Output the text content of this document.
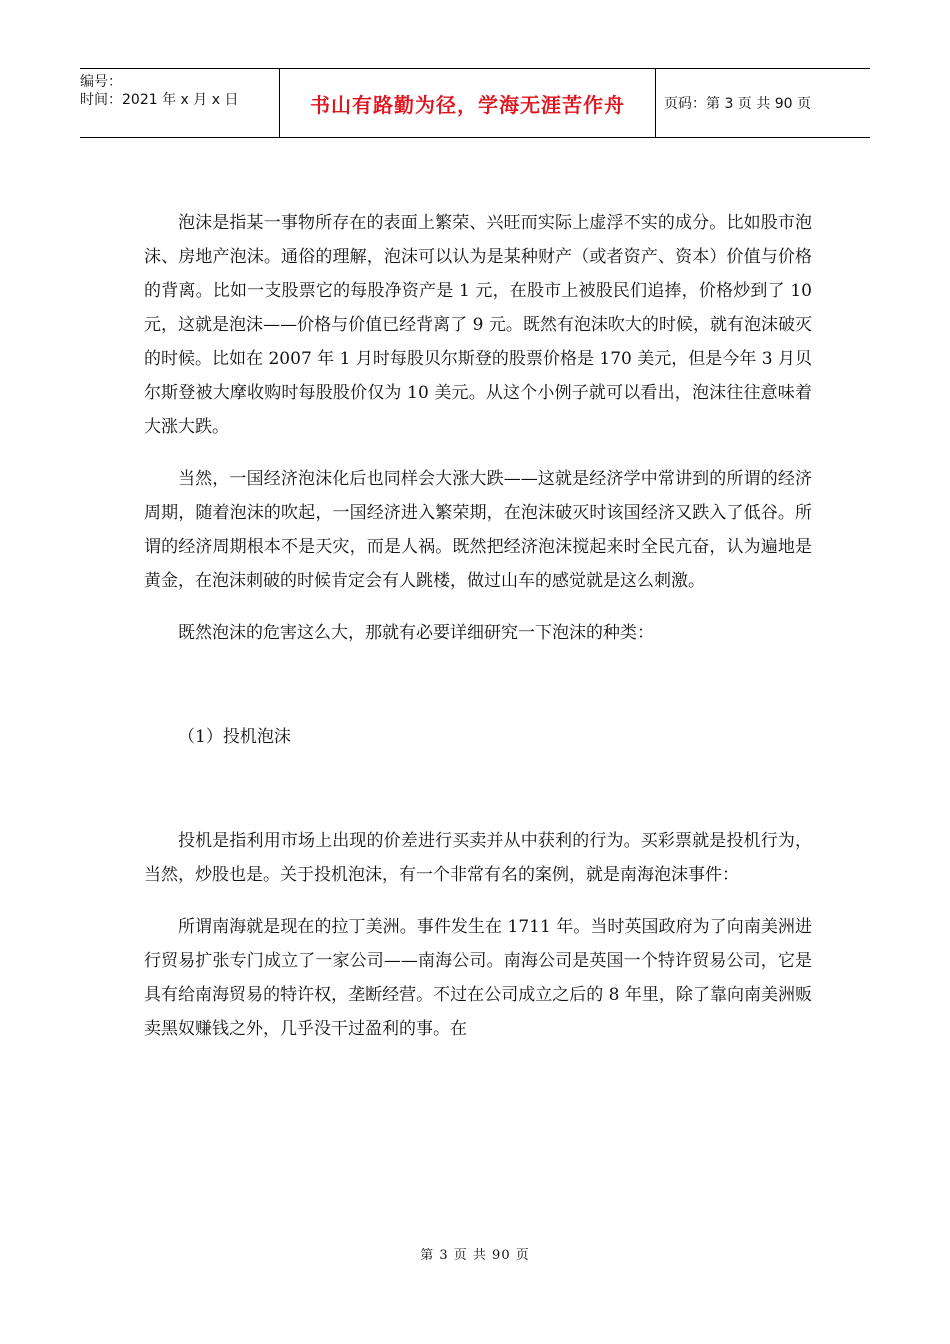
编号：
时间：2021 年 x 月 x 日	书山有路勤为径，学海无涯苦作舟	页码：第 3 页 共 90 页

泡沫是指某一事物所存在的表面上繁荣、兴旺而实际上虚浮不实的成分。比如股市泡沫、房地产泡沫。通俗的理解，泡沫可以认为是某种财产（或者资产、资本）价值与价格的背离。比如一支股票它的每股净资产是 1 元，在股市上被股民们追捧，价格炒到了 10 元，这就是泡沫——价格与价值已经背离了 9 元。既然有泡沫吹大的时候，就有泡沫破灭的时候。比如在 2007 年 1 月时每股贝尔斯登的股票价格是 170 美元，但是今年 3 月贝尔斯登被大摩收购时每股股价仅为 10 美元。从这个小例子就可以看出，泡沫往往意味着大涨大跌。

当然，一国经济泡沫化后也同样会大涨大跌——这就是经济学中常讲到的所谓的经济周期，随着泡沫的吹起，一国经济进入繁荣期，在泡沫破灭时该国经济又跌入了低谷。所谓的经济周期根本不是天灾，而是人祸。既然把经济泡沫搅起来时全民亢奋，认为遍地是黄金，在泡沫刺破的时候肯定会有人跳楼，做过山车的感觉就是这么刺激。

既然泡沫的危害这么大，那就有必要详细研究一下泡沫的种类：

（1）投机泡沫

投机是指利用市场上出现的价差进行买卖并从中获利的行为。买彩票就是投机行为，当然，炒股也是。关于投机泡沫，有一个非常有名的案例，就是南海泡沫事件：

所谓南海就是现在的拉丁美洲。事件发生在 1711 年。当时英国政府为了向南美洲进行贸易扩张专门成立了一家公司——南海公司。南海公司是英国一个特许贸易公司，它是具有给南海贸易的特许权，垄断经营。不过在公司成立之后的 8 年里，除了靠向南美洲贩卖黑奴赚钱之外，几乎没干过盈利的事。在

第 3 页 共 90 页
